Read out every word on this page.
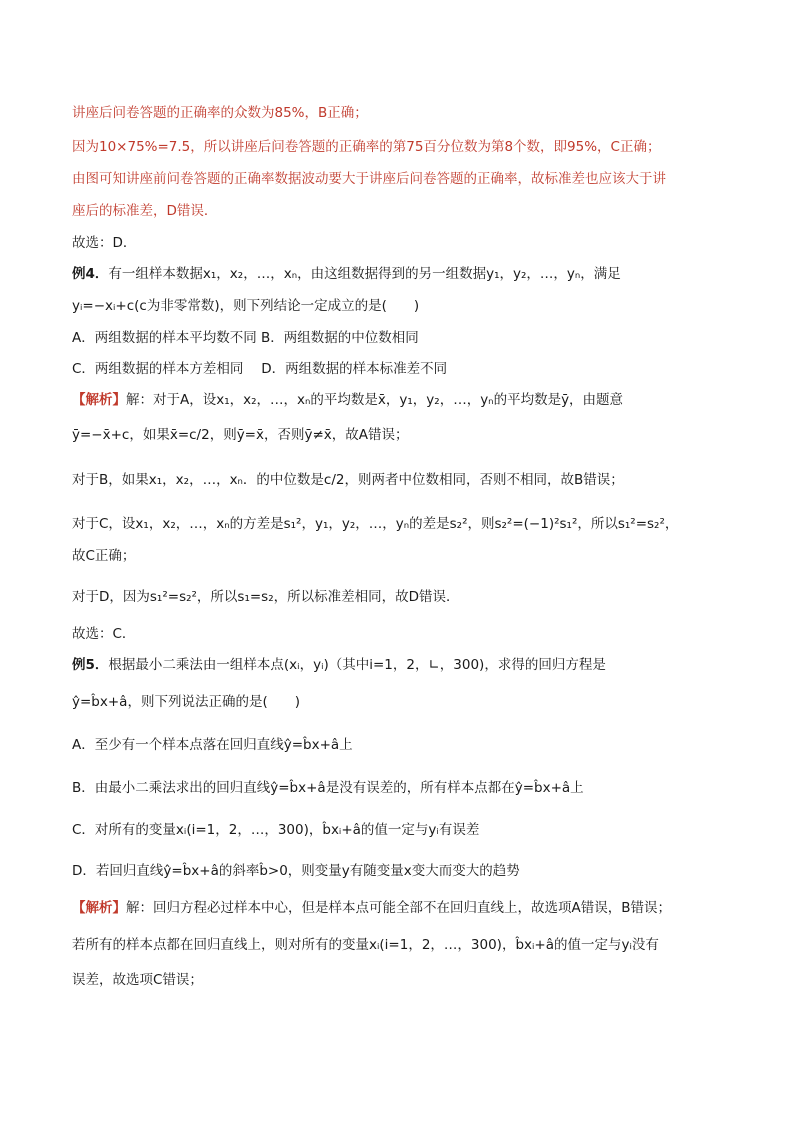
讲座后问卷答题的正确率的众数为85%，B正确；
因为10×75%=7.5，所以讲座后问卷答题的正确率的第75百分位数为第8个数，即95%，C正确；
由图可知讲座前问卷答题的正确率数据波动要大于讲座后问卷答题的正确率，故标准差也应该大于讲
座后的标准差，D错误．
故选：D．
例4．有一组样本数据x₁，x₂，…，xₙ，由这组数据得到的另一组数据y₁，y₂，…，yₙ，满足
yᵢ=−xᵢ+c(c为非零常数)，则下列结论一定成立的是(　　)
A．两组数据的样本平均数不同 B．两组数据的中位数相同
C．两组数据的样本方差相同　 D．两组数据的样本标准差不同
【解析】解：对于A，设x₁，x₂，…，xₙ的平均数是x̄，y₁，y₂，…，yₙ的平均数是ȳ，由题意
ȳ=−x̄+c，如果x̄=c/2，则ȳ=x̄，否则ȳ≠x̄，故A错误；
对于B，如果x₁，x₂，…，xₙ．的中位数是c/2，则两者中位数相同，否则不相同，故B错误；
对于C，设x₁，x₂，…，xₙ的方差是s₁²，y₁，y₂，…，yₙ的差是s₂²，则s₂²=(−1)²s₁²，所以s₁²=s₂²，
故C正确；
对于D，因为s₁²=s₂²，所以s₁=s₂，所以标准差相同，故D错误．
故选：C．
例5．根据最小二乘法由一组样本点(xᵢ，yᵢ)（其中i=1，2，∟，300)，求得的回归方程是
ŷ=b̂x+â，则下列说法正确的是(　　)
A．至少有一个样本点落在回归直线ŷ=b̂x+â上
B．由最小二乘法求出的回归直线ŷ=b̂x+â是没有误差的，所有样本点都在ŷ=b̂x+â上
C．对所有的变量xᵢ(i=1，2，…，300)，b̂xᵢ+â的值一定与yᵢ有误差
D．若回归直线ŷ=b̂x+â的斜率b̂>0，则变量y有随变量x变大而变大的趋势
【解析】解：回归方程必过样本中心，但是样本点可能全部不在回归直线上，故选项A错误，B错误；
若所有的样本点都在回归直线上，则对所有的变量xᵢ(i=1，2，…，300)，b̂xᵢ+â的值一定与yᵢ没有
误差，故选项C错误；
